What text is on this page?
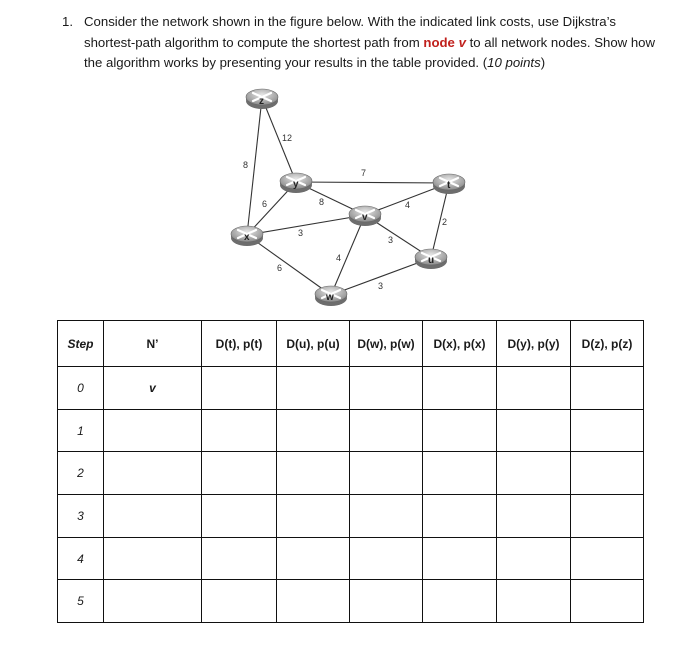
1. Consider the network shown in the figure below. With the indicated link costs, use Dijkstra’s shortest-path algorithm to compute the shortest path from node v to all network nodes. Show how the algorithm works by presenting your results in the table provided. (10 points)
12
8
7
6	8
3
6
4
4
3
3
2
z
y
x
v
w
t
u
Step	N’	D(t), p(t)	D(u), p(u)	D(w), p(w)	D(x), p(x)	D(y), p(y)	D(z), p(z)
0	v						
1							
2							
3							
4							
5							
